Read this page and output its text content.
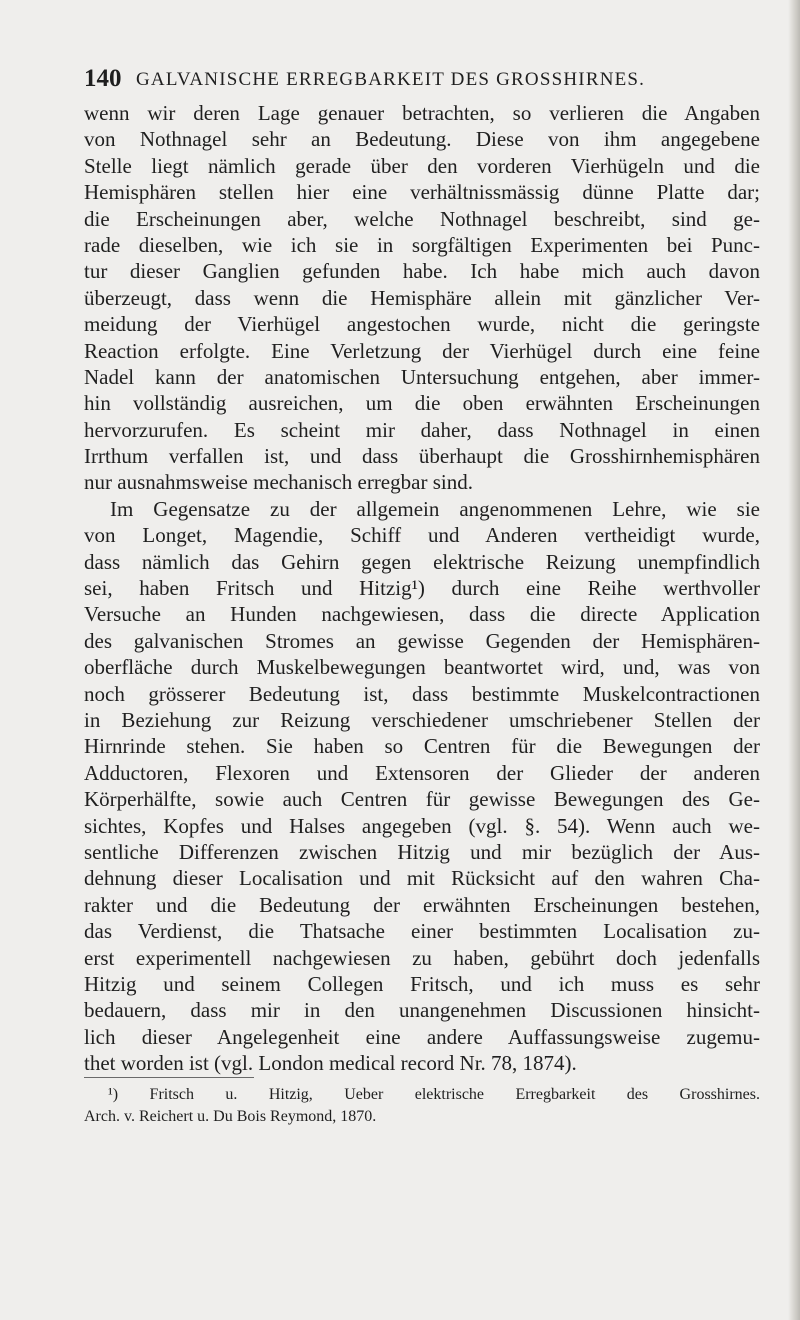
140 GALVANISCHE ERREGBARKEIT DES GROSSHIRNES.
wenn wir deren Lage genauer betrachten, so verlieren die Angaben
von Nothnagel sehr an Bedeutung. Diese von ihm angegebene
Stelle liegt nämlich gerade über den vorderen Vierhügeln und die
Hemisphären stellen hier eine verhältnissmässig dünne Platte dar;
die Erscheinungen aber, welche Nothnagel beschreibt, sind ge-
rade dieselben, wie ich sie in sorgfältigen Experimenten bei Punc-
tur dieser Ganglien gefunden habe. Ich habe mich auch davon
überzeugt, dass wenn die Hemisphäre allein mit gänzlicher Ver-
meidung der Vierhügel angestochen wurde, nicht die geringste
Reaction erfolgte. Eine Verletzung der Vierhügel durch eine feine
Nadel kann der anatomischen Untersuchung entgehen, aber immer-
hin vollständig ausreichen, um die oben erwähnten Erscheinungen
hervorzurufen. Es scheint mir daher, dass Nothnagel in einen
Irrthum verfallen ist, und dass überhaupt die Grosshirnhemisphären
nur ausnahmsweise mechanisch erregbar sind.
Im Gegensatze zu der allgemein angenommenen Lehre, wie sie
von Longet, Magendie, Schiff und Anderen vertheidigt wurde,
dass nämlich das Gehirn gegen elektrische Reizung unempfindlich
sei, haben Fritsch und Hitzig¹) durch eine Reihe werthvoller
Versuche an Hunden nachgewiesen, dass die directe Application
des galvanischen Stromes an gewisse Gegenden der Hemisphären-
oberfläche durch Muskelbewegungen beantwortet wird, und, was von
noch grösserer Bedeutung ist, dass bestimmte Muskelcontractionen
in Beziehung zur Reizung verschiedener umschriebener Stellen der
Hirnrinde stehen. Sie haben so Centren für die Bewegungen der
Adductoren, Flexoren und Extensoren der Glieder der anderen
Körperhälfte, sowie auch Centren für gewisse Bewegungen des Ge-
sichtes, Kopfes und Halses angegeben (vgl. §. 54). Wenn auch we-
sentliche Differenzen zwischen Hitzig und mir bezüglich der Aus-
dehnung dieser Localisation und mit Rücksicht auf den wahren Cha-
rakter und die Bedeutung der erwähnten Erscheinungen bestehen,
das Verdienst, die Thatsache einer bestimmten Localisation zu-
erst experimentell nachgewiesen zu haben, gebührt doch jedenfalls
Hitzig und seinem Collegen Fritsch, und ich muss es sehr
bedauern, dass mir in den unangenehmen Discussionen hinsicht-
lich dieser Angelegenheit eine andere Auffassungsweise zugemu-
thet worden ist (vgl. London medical record Nr. 78, 1874).
¹) Fritsch u. Hitzig, Ueber elektrische Erregbarkeit des Grosshirnes.
Arch. v. Reichert u. Du Bois Reymond, 1870.
